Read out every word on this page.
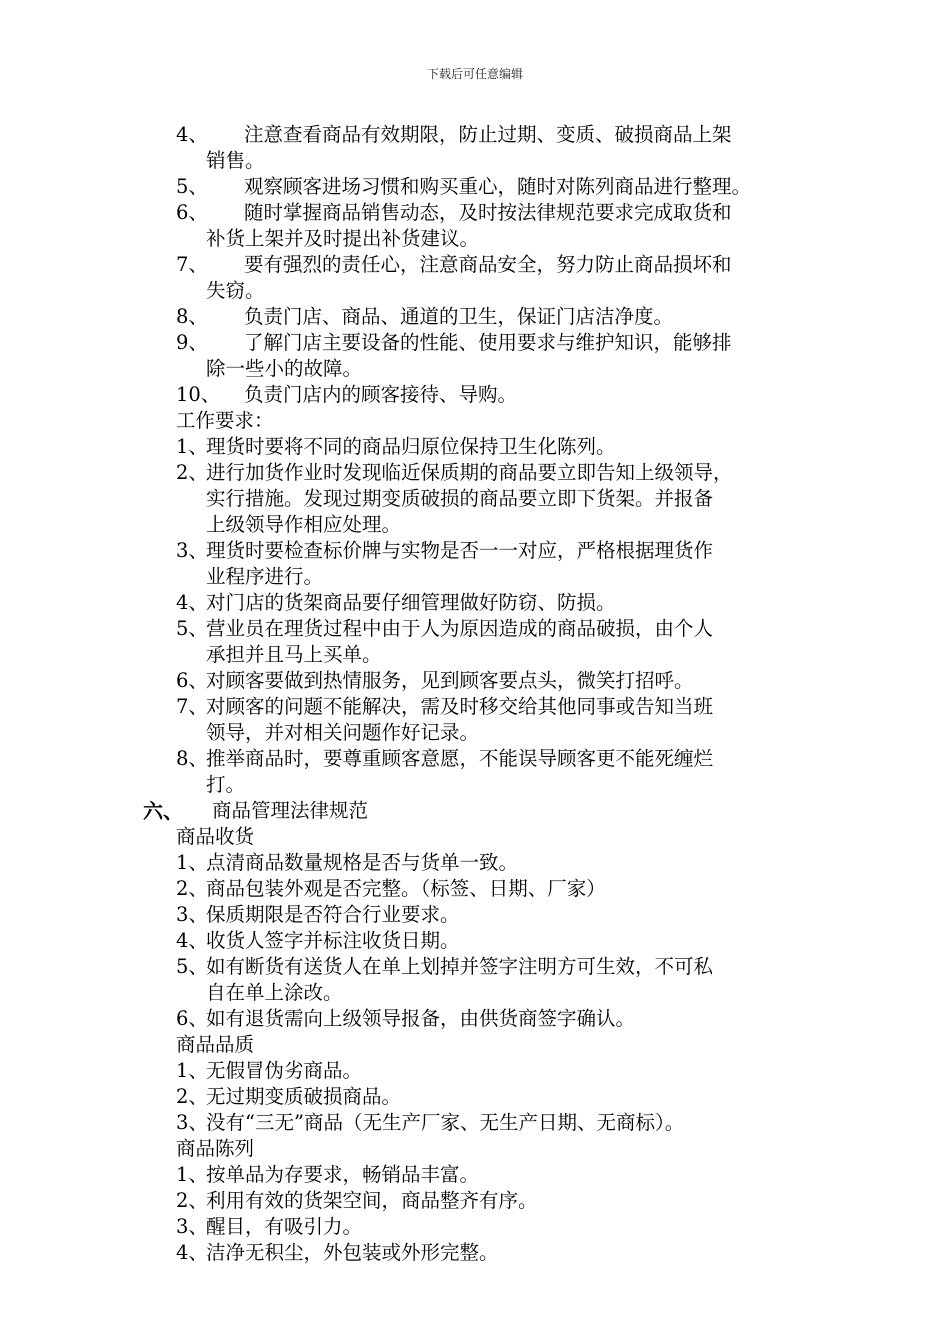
下载后可任意编辑
4、 注意查看商品有效期限，防止过期、变质、破损商品上架
销售。
5、 观察顾客进场习惯和购买重心，随时对陈列商品进行整理。
6、 随时掌握商品销售动态，及时按法律规范要求完成取货和
补货上架并及时提出补货建议。
7、 要有强烈的责任心，注意商品安全，努力防止商品损坏和
失窃。
8、 负责门店、商品、通道的卫生，保证门店洁净度。
9、 了解门店主要设备的性能、使用要求与维护知识，能够排
除一些小的故障。
10、 负责门店内的顾客接待、导购。
工作要求：
1、
理货时要将不同的商品归原位保持卫生化陈列。
2、
进行加货作业时发现临近保质期的商品要立即告知上级领导，
实行措施。发现过期变质破损的商品要立即下货架。并报备
上级领导作相应处理。
3、
理货时要检查标价牌与实物是否一一对应，严格根据理货作
业程序进行。
4、
对门店的货架商品要仔细管理做好防窃、防损。
5、
营业员在理货过程中由于人为原因造成的商品破损，由个人
承担并且马上买单。
6、
对顾客要做到热情服务，见到顾客要点头，微笑打招呼。
7、
对顾客的问题不能解决，需及时移交给其他同事或告知当班
领导，并对相关问题作好记录。
8、
推举商品时，要尊重顾客意愿，不能误导顾客更不能死缠烂
打。
六、 商品管理法律规范
商品收货
1、
点清商品数量规格是否与货单一致。
2、
商品包装外观是否完整。（标签、日期、厂家）
3、
保质期限是否符合行业要求。
4、
收货人签字并标注收货日期。
5、
如有断货有送货人在单上划掉并签字注明方可生效，不可私
自在单上涂改。
6、
如有退货需向上级领导报备，由供货商签字确认。
商品品质
1、
无假冒伪劣商品。
2、
无过期变质破损商品。
3、
没有“三无”商品（无生产厂家、无生产日期、无商标）。
商品陈列
1、
按单品为存要求，畅销品丰富。
2、
利用有效的货架空间，商品整齐有序。
3、
醒目，有吸引力。
4、
洁净无积尘，外包装或外形完整。
